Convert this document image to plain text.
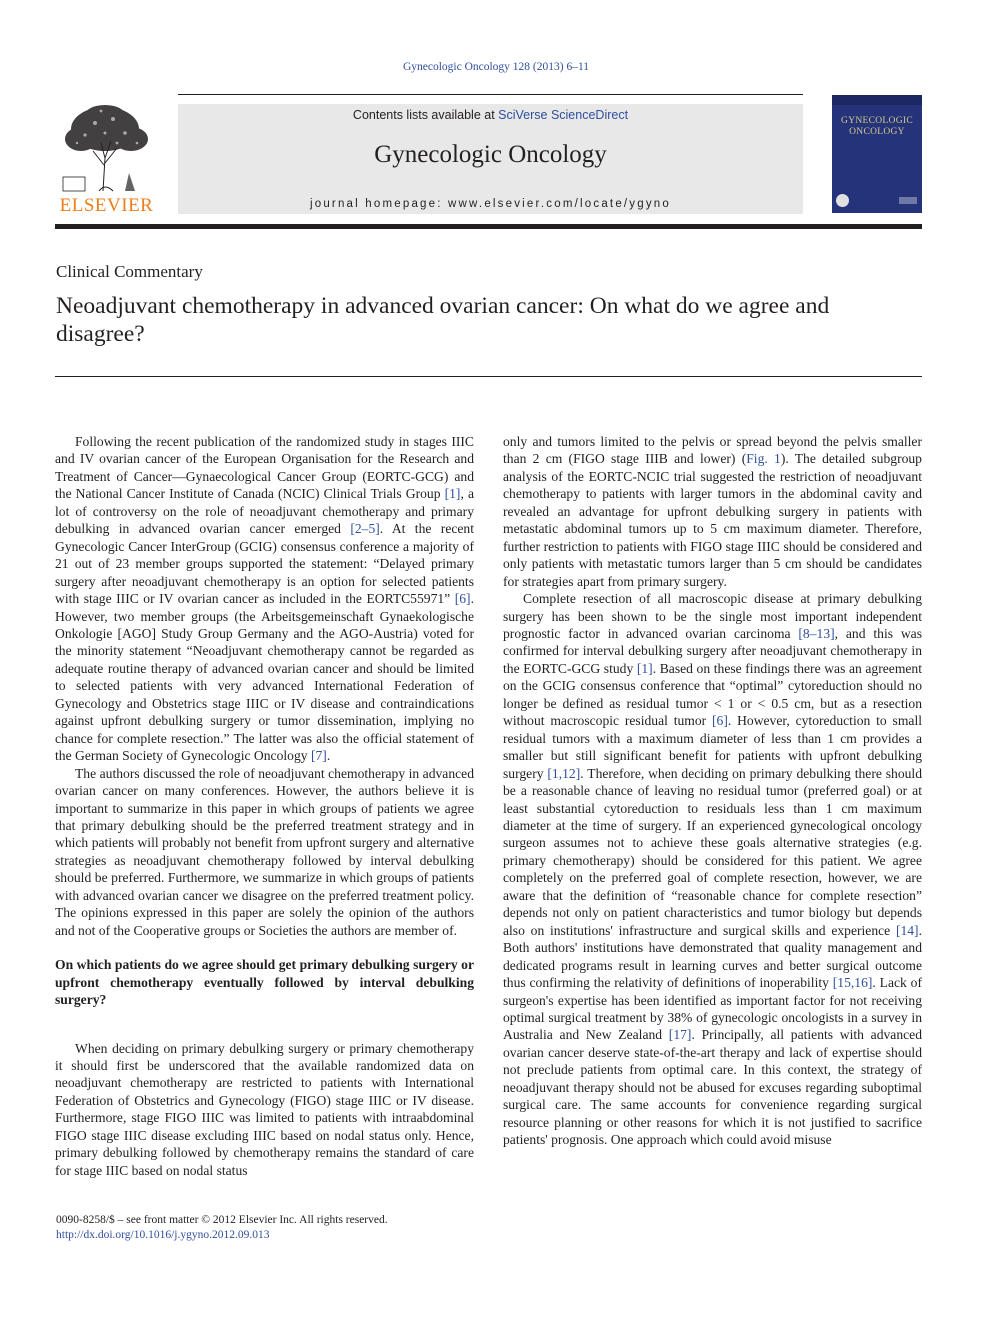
Gynecologic Oncology 128 (2013) 6–11
ELSEVIER
Contents lists available at SciVerse ScienceDirect
Gynecologic Oncology
journal homepage: www.elsevier.com/locate/ygyno
GYNECOLOGIC ONCOLOGY
Clinical Commentary
Neoadjuvant chemotherapy in advanced ovarian cancer: On what do we agree and disagree?

Following the recent publication of the randomized study in stages IIIC and IV ovarian cancer of the European Organisation for the Research and Treatment of Cancer—Gynaecological Cancer Group (EORTC-GCG) and the National Cancer Institute of Canada (NCIC) Clinical Trials Group [1], a lot of controversy on the role of neoadjuvant chemotherapy and primary debulking in advanced ovarian cancer emerged [2–5]. At the recent Gynecologic Cancer InterGroup (GCIG) consensus conference a majority of 21 out of 23 member groups supported the statement: “Delayed primary surgery after neoadjuvant chemotherapy is an option for selected patients with stage IIIC or IV ovarian cancer as included in the EORTC55971” [6]. However, two member groups (the Arbeitsgemeinschaft Gynaekologische Onkologie [AGO] Study Group Germany and the AGO-Austria) voted for the minority statement “Neoadjuvant chemotherapy cannot be regarded as adequate routine therapy of advanced ovarian cancer and should be limited to selected patients with very advanced International Federation of Gynecology and Obstetrics stage IIIC or IV disease and contraindications against upfront debulking surgery or tumor dissemination, implying no chance for complete resection.” The latter was also the official statement of the German Society of Gynecologic Oncology [7].

The authors discussed the role of neoadjuvant chemotherapy in advanced ovarian cancer on many conferences. However, the authors believe it is important to summarize in this paper in which groups of patients we agree that primary debulking should be the preferred treatment strategy and in which patients will probably not benefit from upfront surgery and alternative strategies as neoadjuvant chemotherapy followed by interval debulking should be preferred. Furthermore, we summarize in which groups of patients with advanced ovarian cancer we disagree on the preferred treatment policy. The opinions expressed in this paper are solely the opinion of the authors and not of the Cooperative groups or Societies the authors are member of.

On which patients do we agree should get primary debulking surgery or upfront chemotherapy eventually followed by interval debulking surgery?

When deciding on primary debulking surgery or primary chemotherapy it should first be underscored that the available randomized data on neoadjuvant chemotherapy are restricted to patients with International Federation of Obstetrics and Gynecology (FIGO) stage IIIC or IV disease. Furthermore, stage FIGO IIIC was limited to patients with intraabdominal FIGO stage IIIC disease excluding IIIC based on nodal status only. Hence, primary debulking followed by chemotherapy remains the standard of care for stage IIIC based on nodal status

only and tumors limited to the pelvis or spread beyond the pelvis smaller than 2 cm (FIGO stage IIIB and lower) (Fig. 1). The detailed subgroup analysis of the EORTC-NCIC trial suggested the restriction of neoadjuvant chemotherapy to patients with larger tumors in the abdominal cavity and revealed an advantage for upfront debulking surgery in patients with metastatic abdominal tumors up to 5 cm maximum diameter. Therefore, further restriction to patients with FIGO stage IIIC should be considered and only patients with metastatic tumors larger than 5 cm should be candidates for strategies apart from primary surgery.

Complete resection of all macroscopic disease at primary debulking surgery has been shown to be the single most important independent prognostic factor in advanced ovarian carcinoma [8–13], and this was confirmed for interval debulking surgery after neoadjuvant chemotherapy in the EORTC-GCG study [1]. Based on these findings there was an agreement on the GCIG consensus conference that “optimal” cytoreduction should no longer be defined as residual tumor < 1 or < 0.5 cm, but as a resection without macroscopic residual tumor [6]. However, cytoreduction to small residual tumors with a maximum diameter of less than 1 cm provides a smaller but still significant benefit for patients with upfront debulking surgery [1,12]. Therefore, when deciding on primary debulking there should be a reasonable chance of leaving no residual tumor (preferred goal) or at least substantial cytoreduction to residuals less than 1 cm maximum diameter at the time of surgery. If an experienced gynecological oncology surgeon assumes not to achieve these goals alternative strategies (e.g. primary chemotherapy) should be considered for this patient. We agree completely on the preferred goal of complete resection, however, we are aware that the definition of “reasonable chance for complete resection” depends not only on patient characteristics and tumor biology but depends also on institutions' infrastructure and surgical skills and experience [14]. Both authors' institutions have demonstrated that quality management and dedicated programs result in learning curves and better surgical outcome thus confirming the relativity of definitions of inoperability [15,16]. Lack of surgeon's expertise has been identified as important factor for not receiving optimal surgical treatment by 38% of gynecologic oncologists in a survey in Australia and New Zealand [17]. Principally, all patients with advanced ovarian cancer deserve state-of-the-art therapy and lack of expertise should not preclude patients from optimal care. In this context, the strategy of neoadjuvant therapy should not be abused for excuses regarding suboptimal surgical care. The same accounts for convenience regarding surgical resource planning or other reasons for which it is not justified to sacrifice patients' prognosis. One approach which could avoid misuse

0090-8258/$ – see front matter © 2012 Elsevier Inc. All rights reserved.
http://dx.doi.org/10.1016/j.ygyno.2012.09.013
